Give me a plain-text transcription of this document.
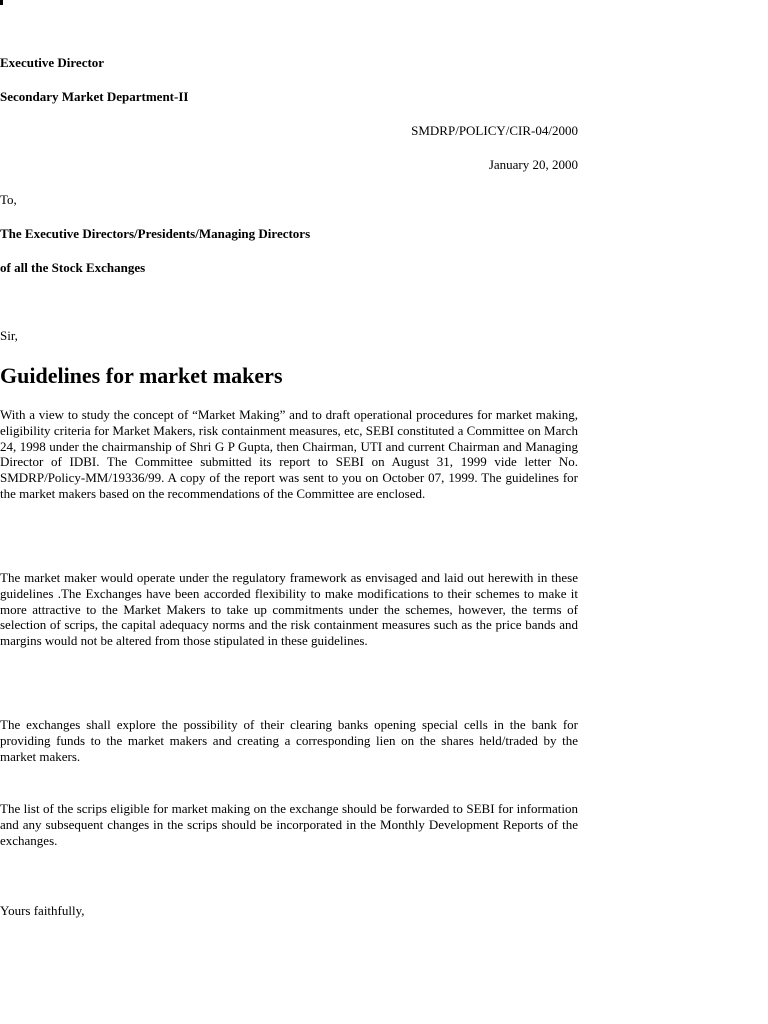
Executive Director
Secondary Market Department-II
SMDRP/POLICY/CIR-04/2000
January 20, 2000
To,
The Executive Directors/Presidents/Managing Directors
of all the Stock Exchanges
Sir,
Guidelines for market makers
With a view to study the concept of “Market Making” and to draft operational procedures for market making, eligibility criteria for Market Makers, risk containment measures, etc, SEBI constituted a Committee on March 24, 1998 under the chairmanship of Shri G P Gupta, then Chairman, UTI and current Chairman and Managing Director of IDBI. The Committee submitted its report to SEBI on August 31, 1999 vide letter No. SMDRP/Policy-MM/19336/99. A copy of the report was sent to you on October 07, 1999. The guidelines for the market makers based on the recommendations of the Committee are enclosed.
The market maker would operate under the regulatory framework as envisaged and laid out herewith in these guidelines .The Exchanges have been accorded flexibility to make modifications to their schemes to make it more attractive to the Market Makers to take up commitments under the schemes, however, the terms of selection of scrips, the capital adequacy norms and the risk containment measures such as the price bands and margins would not be altered from those stipulated in these guidelines.
The exchanges shall explore the possibility of their clearing banks opening special cells in the bank for providing funds to the market makers and creating a corresponding lien on the shares held/traded by the market makers.
The list of the scrips eligible for market making on the exchange should be forwarded to SEBI for information and any subsequent changes in the scrips should be incorporated in the Monthly Development Reports of the exchanges.
Yours faithfully,
